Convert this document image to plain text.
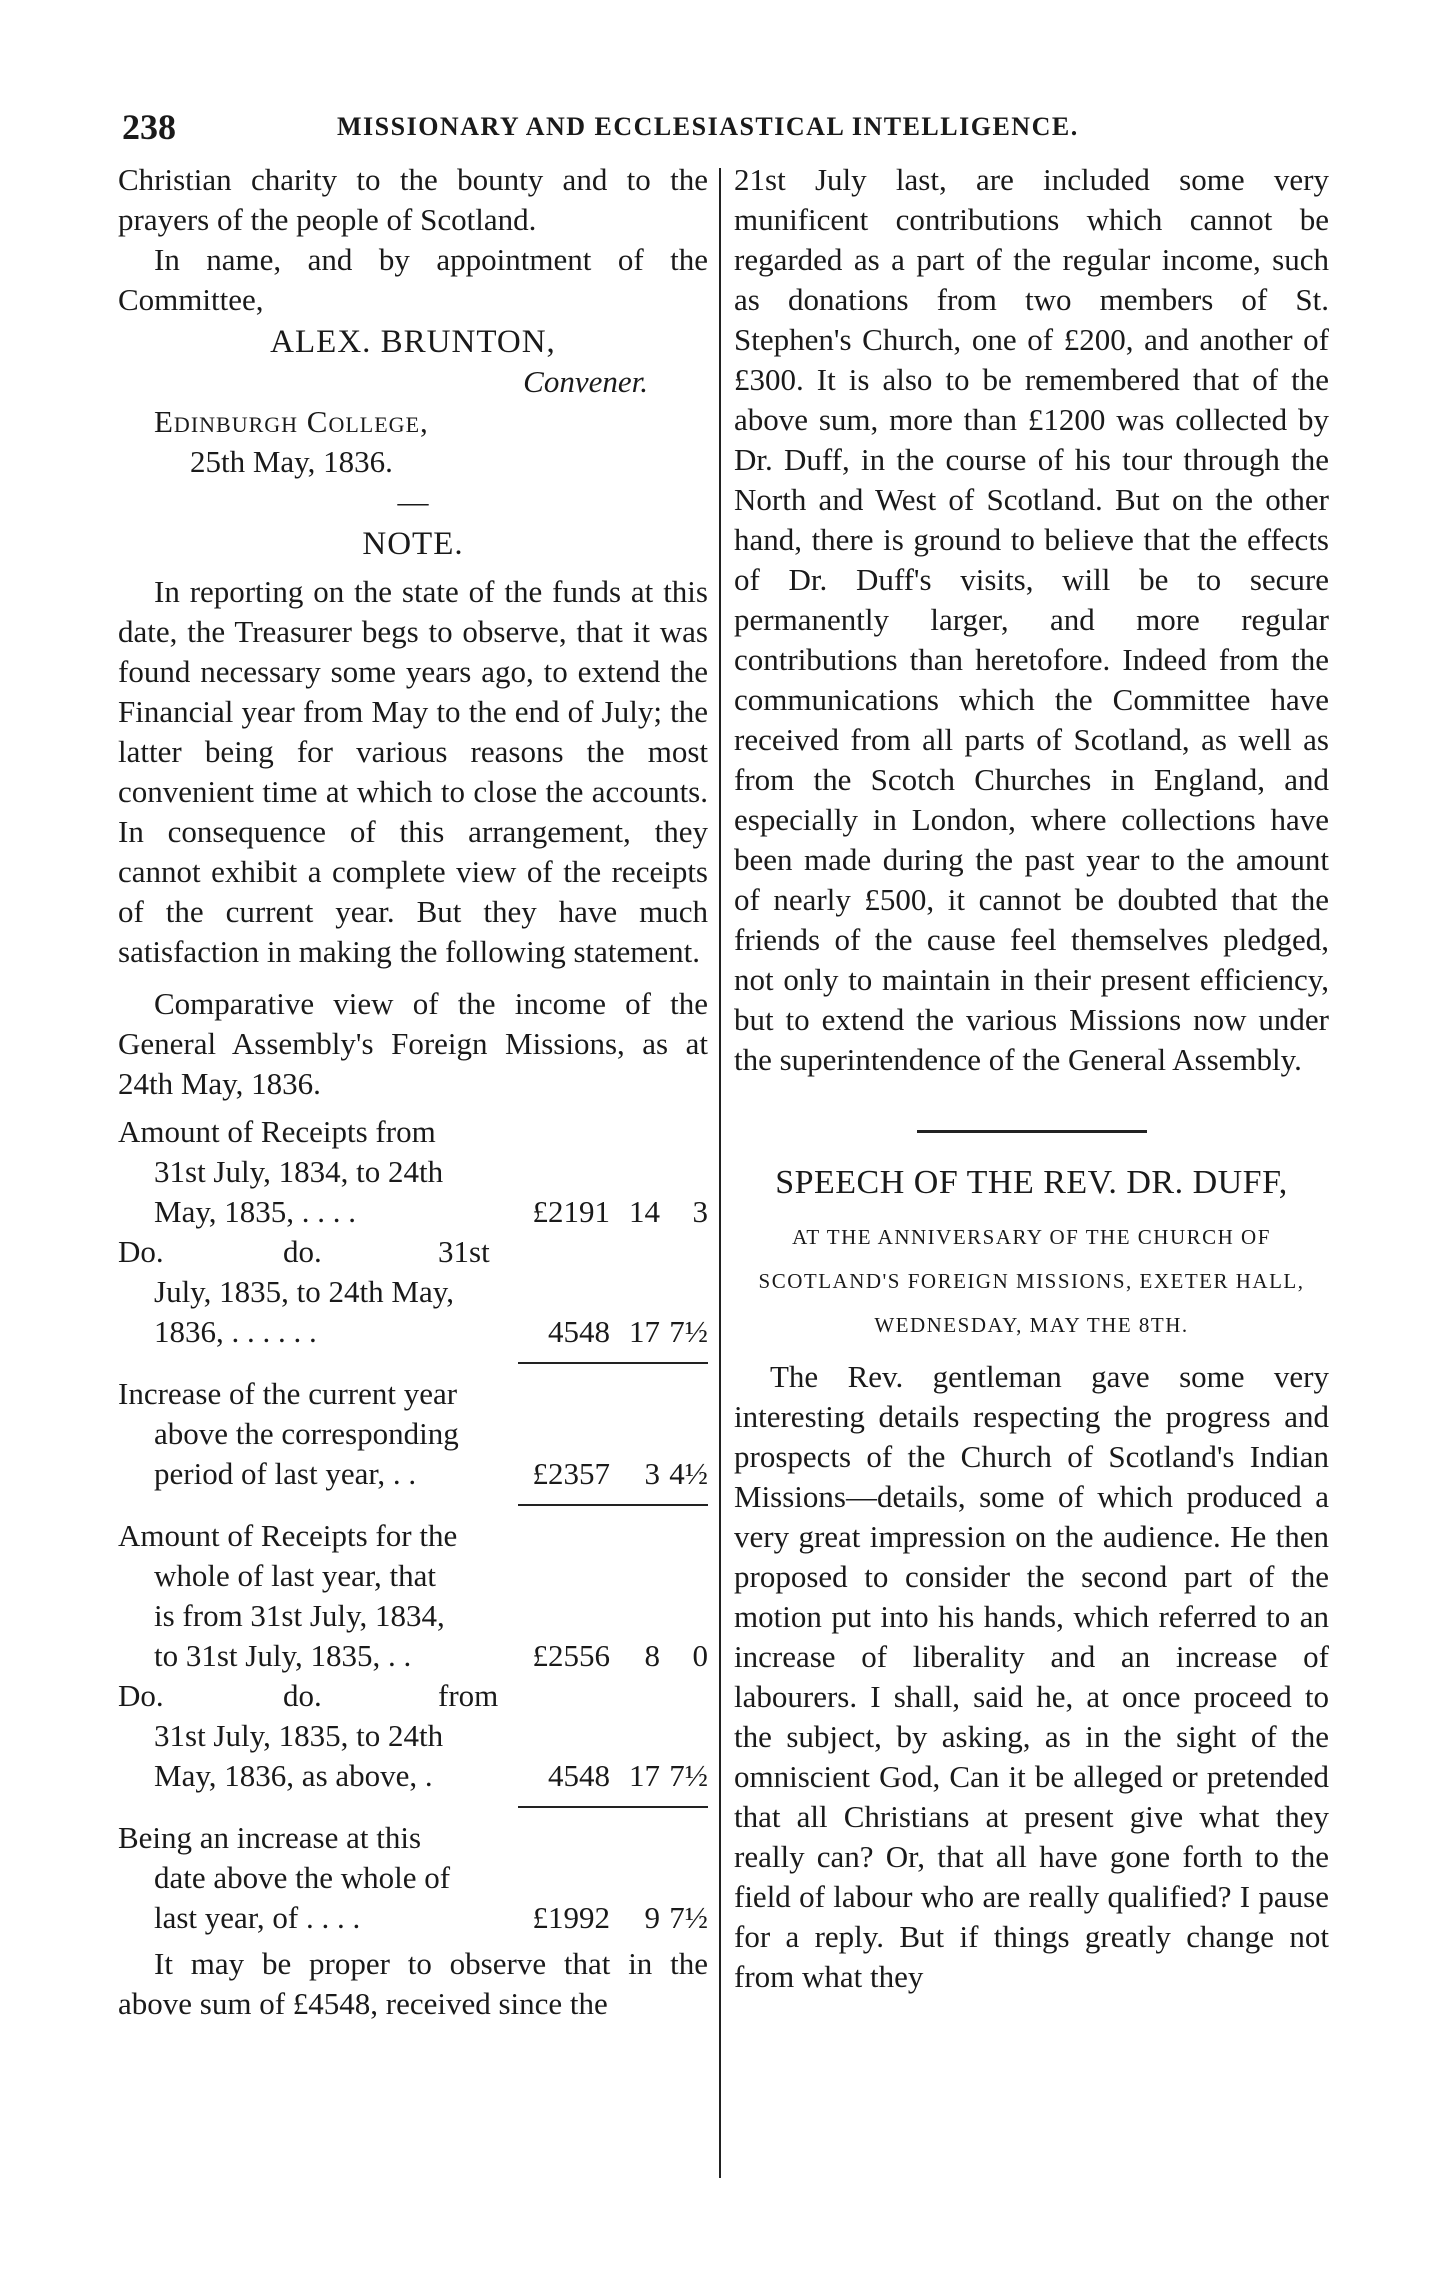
238	MISSIONARY AND ECCLESIASTICAL INTELLIGENCE.

Christian charity to the bounty and to the prayers of the people of Scotland.

In name, and by appointment of the Committee,

ALEX. BRUNTON,
Convener.
Edinburgh College,
25th May, 1836.
—
NOTE.

In reporting on the state of the funds at this date, the Treasurer begs to observe, that it was found necessary some years ago, to extend the Financial year from May to the end of July; the latter being for various reasons the most convenient time at which to close the accounts. In consequence of this arrangement, they cannot exhibit a complete view of the receipts of the current year. But they have much satisfaction in making the following statement.

Comparative view of the income of the General Assembly's Foreign Missions, as at 24th May, 1836.

Amount of Receipts from
31st July, 1834, to 24th
May, 1835, . . . .	£2191 14	3
Do.	do.	31st
July, 1835, to 24th May,
1836, . . . . . .	4548 17 7½
Increase of the current year
above the corresponding
period of last year, . .	£2357	3 4½
Amount of Receipts for the
whole of last year, that
is from 31st July, 1834,
to 31st July, 1835, . .	£2556	8	0
Do.	do.	from
31st July, 1835, to 24th
May, 1836, as above, .	4548 17 7½
Being an increase at this
date above the whole of
last year, of . . . .	£1992	9 7½

It may be proper to observe that in the above sum of £4548, received since the

21st July last, are included some very munificent contributions which cannot be regarded as a part of the regular income, such as donations from two members of St. Stephen's Church, one of £200, and another of £300. It is also to be remembered that of the above sum, more than £1200 was collected by Dr. Duff, in the course of his tour through the North and West of Scotland. But on the other hand, there is ground to believe that the effects of Dr. Duff's visits, will be to secure permanently larger, and more regular contributions than heretofore. Indeed from the communications which the Committee have received from all parts of Scotland, as well as from the Scotch Churches in England, and especially in London, where collections have been made during the past year to the amount of nearly £500, it cannot be doubted that the friends of the cause feel themselves pledged, not only to maintain in their present efficiency, but to extend the various Missions now under the superintendence of the General Assembly.

SPEECH OF THE REV. DR. DUFF,
AT THE ANNIVERSARY OF THE CHURCH OF SCOTLAND'S FOREIGN MISSIONS, EXETER HALL, WEDNESDAY, MAY THE 8TH.

The Rev. gentleman gave some very interesting details respecting the progress and prospects of the Church of Scotland's Indian Missions—details, some of which produced a very great impression on the audience. He then proposed to consider the second part of the motion put into his hands, which referred to an increase of liberality and an increase of labourers. I shall, said he, at once proceed to the subject, by asking, as in the sight of the omniscient God, Can it be alleged or pretended that all Christians at present give what they really can? Or, that all have gone forth to the field of labour who are really qualified? I pause for a reply. But if things greatly change not from what they
